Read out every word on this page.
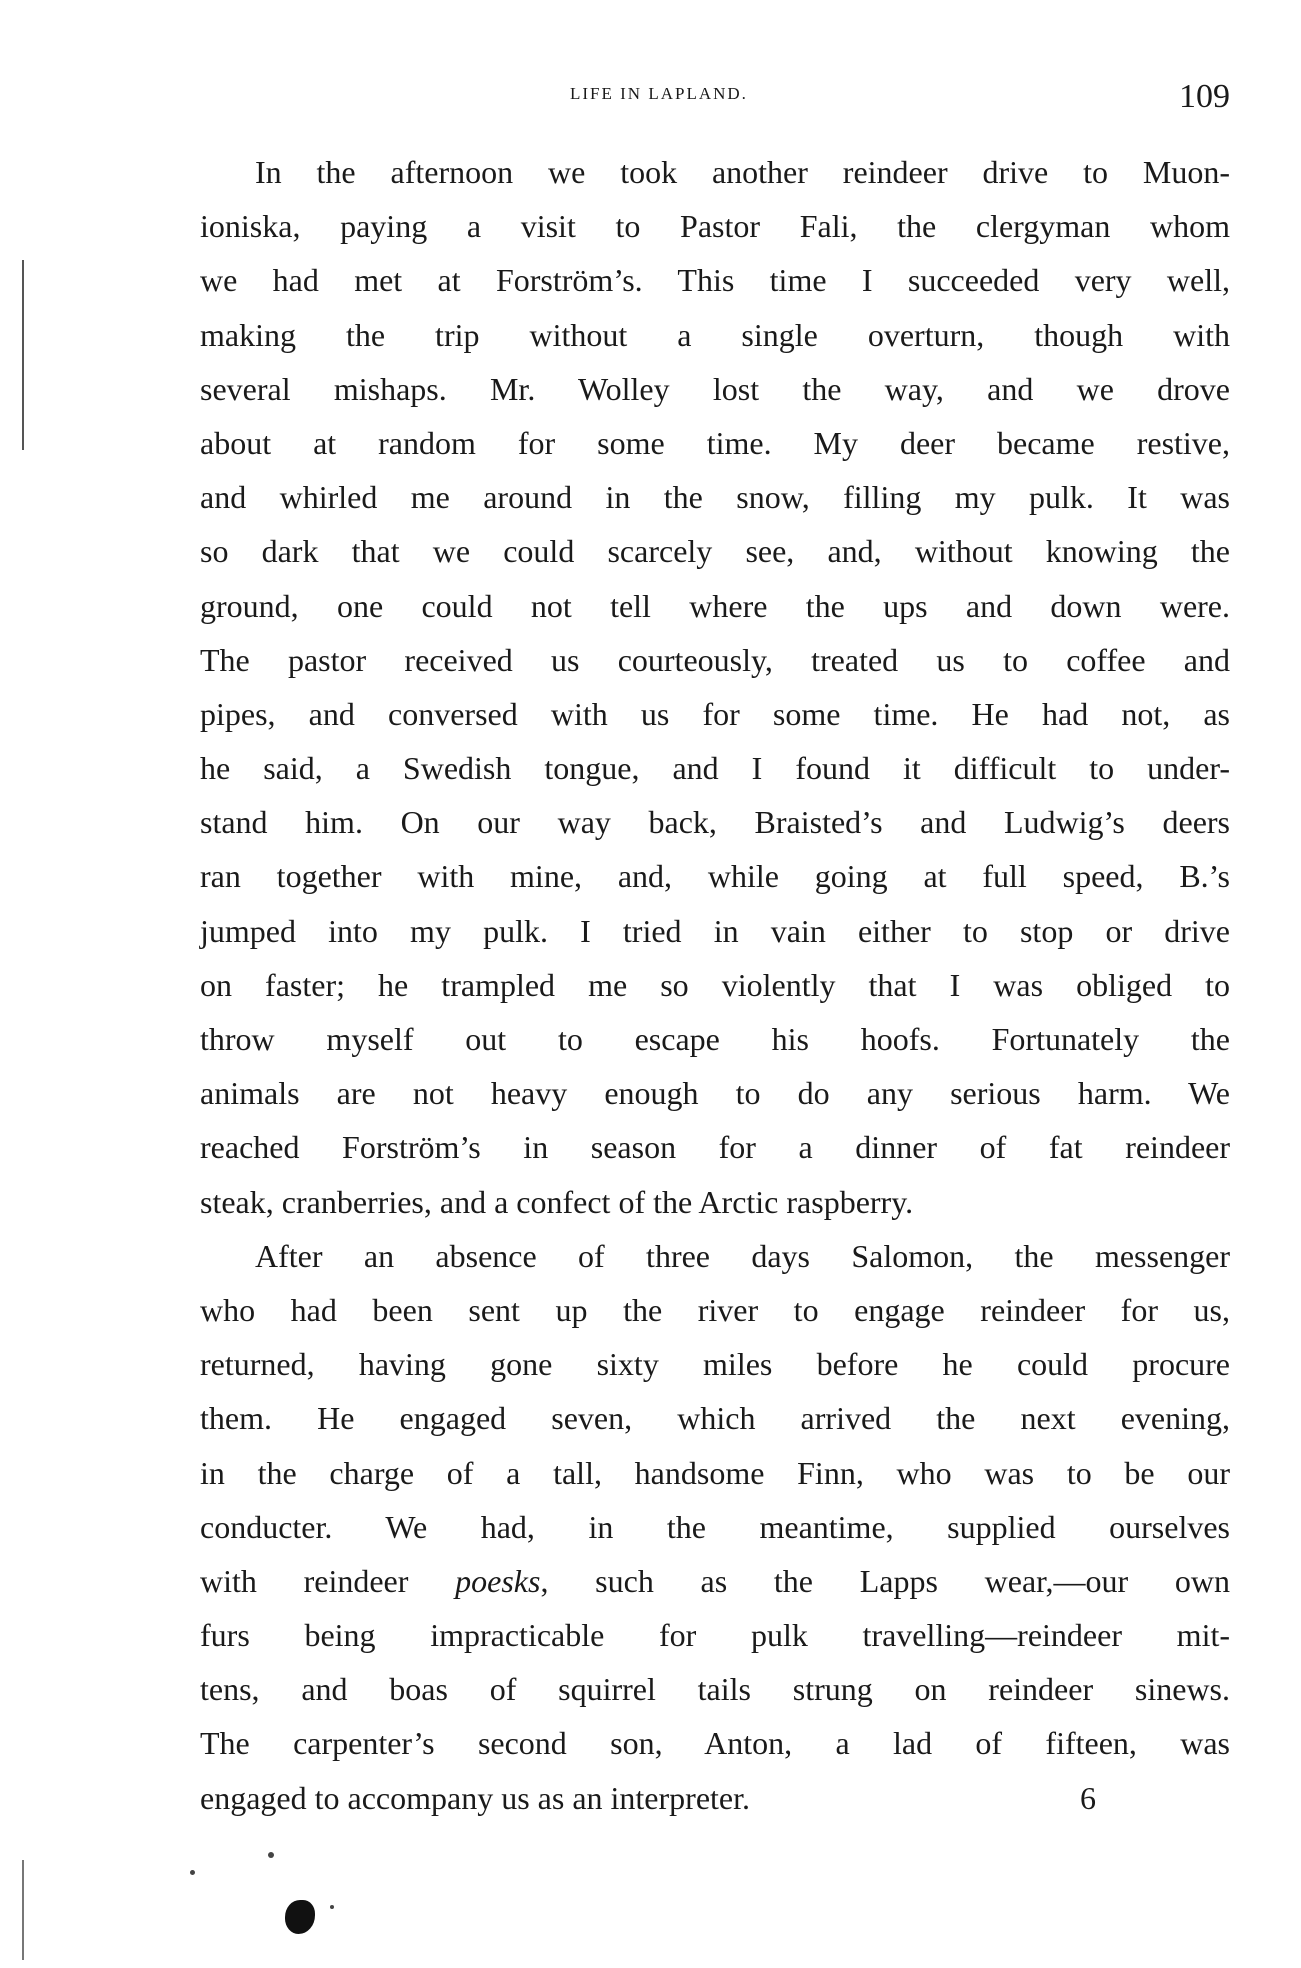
LIFE IN LAPLAND.	109
In the afternoon we took another reindeer drive to Muon-
ioniska, paying a visit to Pastor Fali, the clergyman whom
we had met at Forström’s. This time I succeeded very well,
making the trip without a single overturn, though with
several mishaps. Mr. Wolley lost the way, and we drove
about at random for some time. My deer became restive,
and whirled me around in the snow, filling my pulk. It was
so dark that we could scarcely see, and, without knowing the
ground, one could not tell where the ups and down were.
The pastor received us courteously, treated us to coffee and
pipes, and conversed with us for some time. He had not, as
he said, a Swedish tongue, and I found it difficult to under-
stand him. On our way back, Braisted’s and Ludwig’s deers
ran together with mine, and, while going at full speed, B.’s
jumped into my pulk. I tried in vain either to stop or drive
on faster; he trampled me so violently that I was obliged to
throw myself out to escape his hoofs. Fortunately the
animals are not heavy enough to do any serious harm. We
reached Forström’s in season for a dinner of fat reindeer
steak, cranberries, and a confect of the Arctic raspberry.
After an absence of three days Salomon, the messenger
who had been sent up the river to engage reindeer for us,
returned, having gone sixty miles before he could procure
them. He engaged seven, which arrived the next evening,
in the charge of a tall, handsome Finn, who was to be our
conducter. We had, in the meantime, supplied ourselves
with reindeer poesks, such as the Lapps wear,—our own
furs being impracticable for pulk travelling—reindeer mit-
tens, and boas of squirrel tails strung on reindeer sinews.
The carpenter’s second son, Anton, a lad of fifteen, was
engaged to accompany us as an interpreter.	6
